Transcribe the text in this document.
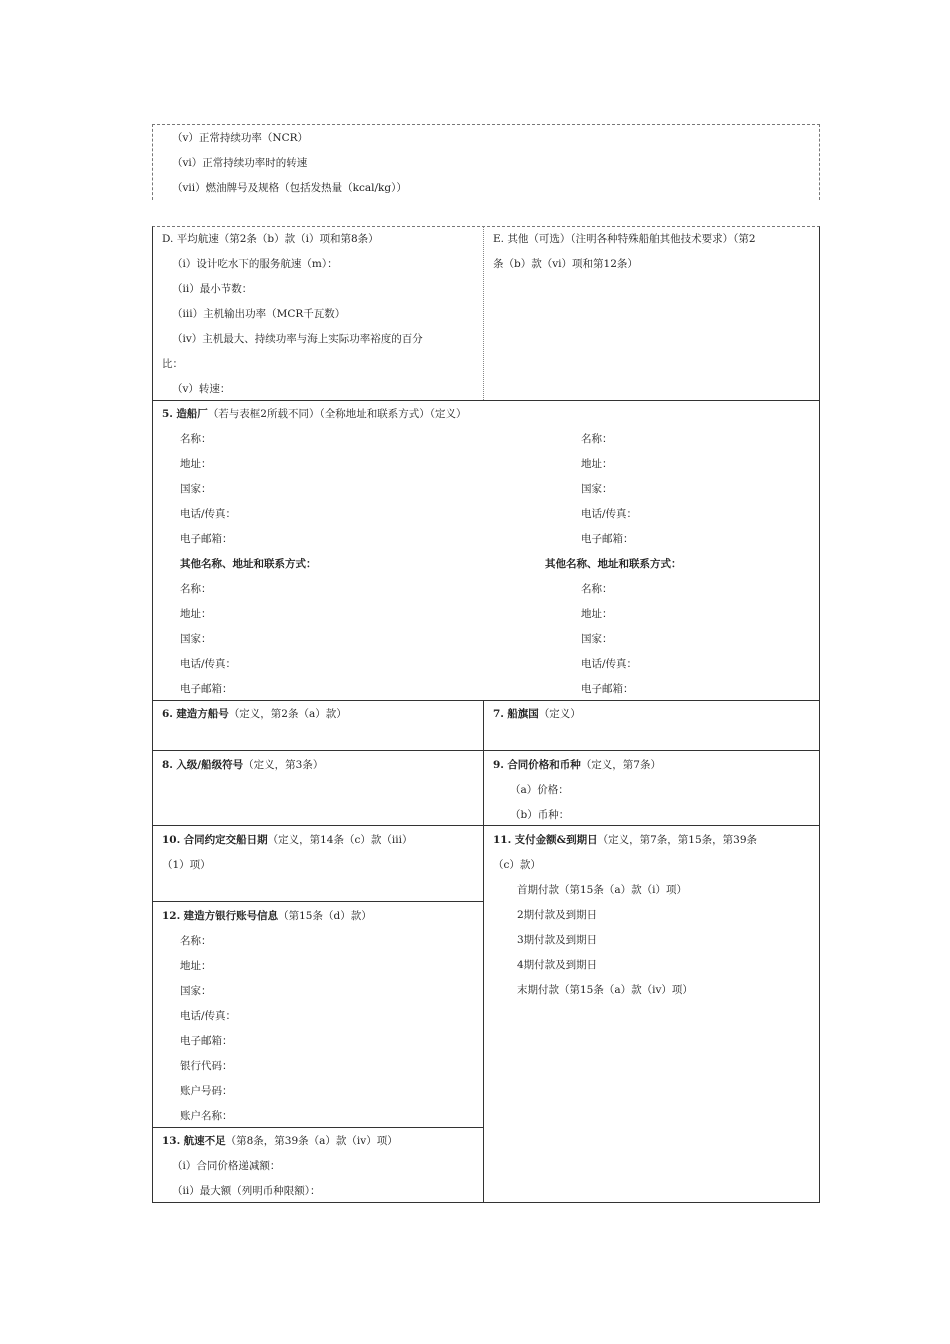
（v）正常持续功率（NCR）
（vi）正常持续功率时的转速
（vii）燃油牌号及规格（包括发热量（kcal/kg））
D. 平均航速（第2条（b）款（i）项和第8条）
（i）设计吃水下的服务航速（m）：
（ii）最小节数：
（iii）主机输出功率（MCR千瓦数）
（iv）主机最大、持续功率与海上实际功率裕度的百分
比：
（v）转速：
E. 其他（可选）（注明各种特殊船舶其他技术要求）（第2
条（b）款（vi）项和第12条）
5. 造船厂（若与表框2所载不同）（全称地址和联系方式）（定义）
名称：
地址：
国家：
电话/传真：
电子邮箱：
其他名称、地址和联系方式：
名称：
地址：
国家：
电话/传真：
电子邮箱：
名称：
地址：
国家：
电话/传真：
电子邮箱：
其他名称、地址和联系方式：
名称：
地址：
国家：
电话/传真：
电子邮箱：
6. 建造方船号（定义，第2条（a）款）	7. 船旗国（定义）
8. 入级/船级符号（定义，第3条）	9. 合同价格和币种（定义，第7条）
（a）价格：
（b）币种：
10. 合同约定交船日期（定义，第14条（c）款（iii）
（1）项）
11. 支付金额&到期日（定义，第7条，第15条，第39条
（c）款）
首期付款（第15条（a）款（i）项）
2期付款及到期日
3期付款及到期日
4期付款及到期日
末期付款（第15条（a）款（iv）项）
12. 建造方银行账号信息（第15条（d）款）
名称：
地址：
国家：
电话/传真：
电子邮箱：
银行代码：
账户号码：
账户名称：
13. 航速不足（第8条，第39条（a）款（iv）项）
（i）合同价格递减额：
（ii）最大额（列明币种限额）：
